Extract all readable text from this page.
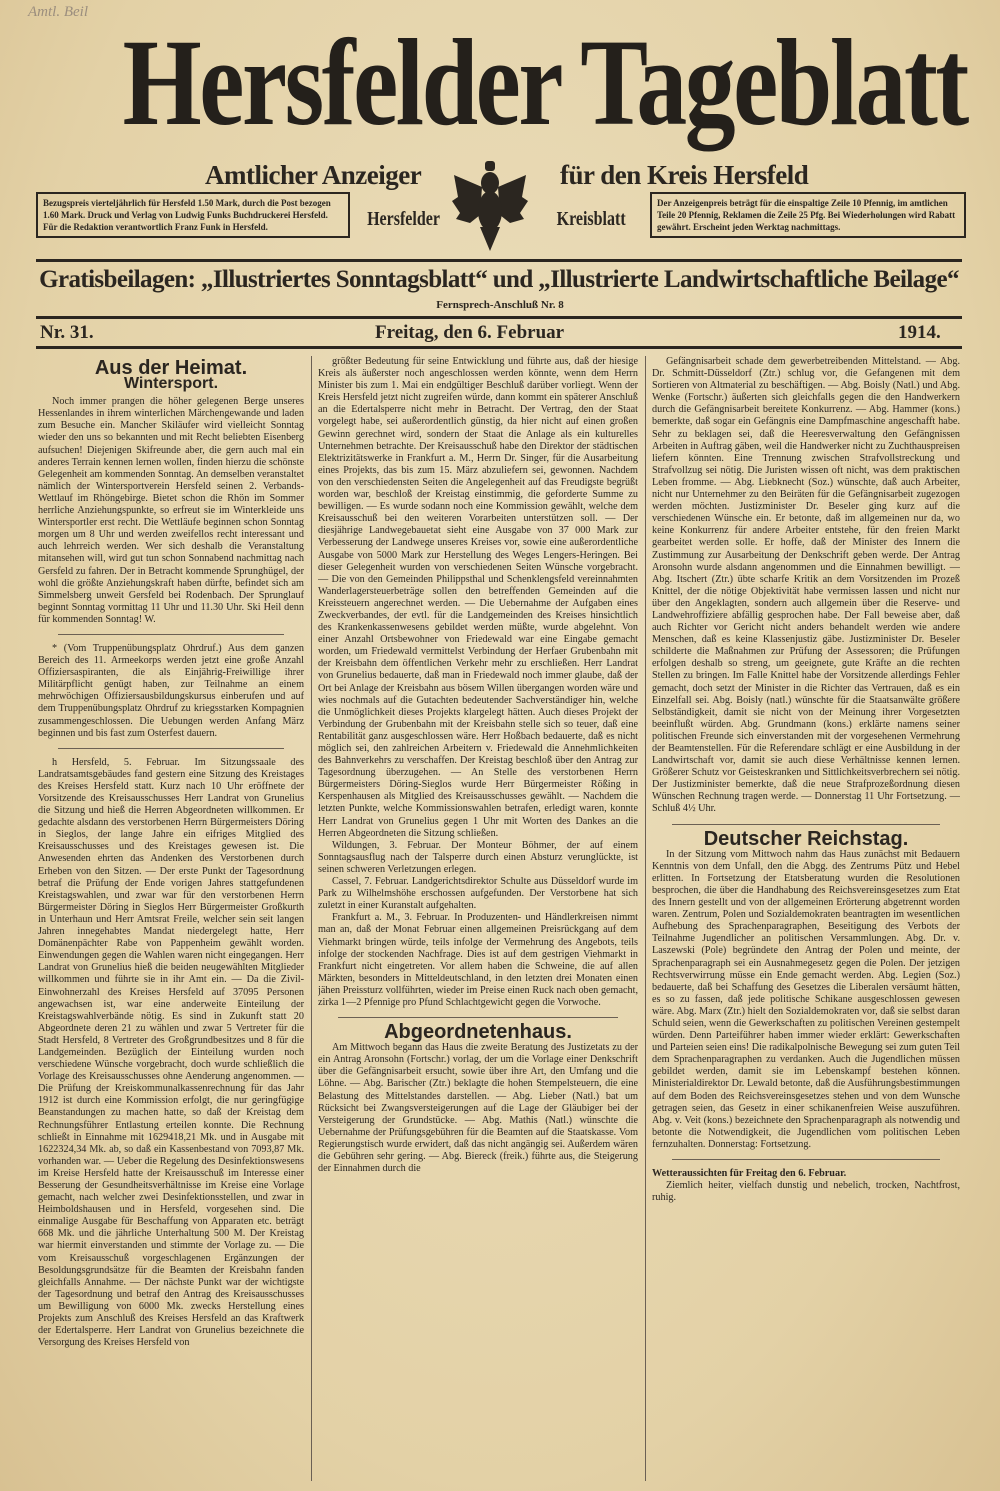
Amtl. Beil
Hersfelder Tageblatt
Amtlicher Anzeiger	für den Kreis Hersfeld
Bezugspreis vierteljährlich für Hersfeld 1.50 Mark, durch die Post bezogen 1.60 Mark. Druck und Verlag von Ludwig Funks Buchdruckerei Hersfeld. Für die Redaktion verantwortlich Franz Funk in Hersfeld.
Der Anzeigenpreis beträgt für die einspaltige Zeile 10 Pfennig, im amtlichen Teile 20 Pfennig, Reklamen die Zeile 25 Pfg. Bei Wiederholungen wird Rabatt gewährt. Erscheint jeden Werktag nachmittags.
Hersfelder	Kreisblatt
Gratisbeilagen: „Illustriertes Sonntagsblatt“ und „Illustrierte Landwirtschaftliche Beilage“
Fernsprech-Anschluß Nr. 8
Nr. 31.	Freitag, den 6. Februar	1914.
Aus der Heimat.
Wintersport.

Noch immer prangen die höher gelegenen Berge unseres Hessenlandes in ihrem winterlichen Märchengewande und laden zum Besuche ein. Mancher Skiläufer wird vielleicht Sonntag wieder den uns so bekannten und mit Recht beliebten Eisenberg aufsuchen! Diejenigen Skifreunde aber, die gern auch mal ein anderes Terrain kennen lernen wollen, finden hierzu die schönste Gelegenheit am kommenden Sonntag. An demselben veranstaltet nämlich der Wintersportverein Hersfeld seinen 2. Verbands-Wettlauf im Rhöngebirge. Bietet schon die Rhön im Sommer herrliche Anziehungspunkte, so erfreut sie im Winterkleide uns Wintersportler erst recht. Die Wettläufe beginnen schon Sonntag morgen um 8 Uhr und werden zweifellos recht interessant und auch lehrreich werden. Wer sich deshalb die Veranstaltung mitansehen will, wird gut tun schon Sonnabend nachmittag nach Gersfeld zu fahren. Der in Betracht kommende Sprunghügel, der wohl die größte Anziehungskraft haben dürfte, befindet sich am Simmelsberg unweit Gersfeld bei Rodenbach. Der Sprunglauf beginnt Sonntag vormittag 11 Uhr und 11.30 Uhr. Ski Heil denn für kommenden Sonntag! W.

* (Vom Truppenübungsplatz Ohrdruf.) Aus dem ganzen Bereich des 11. Armeekorps werden jetzt eine große Anzahl Offiziersaspiranten, die als Einjährig-Freiwillige ihrer Militärpflicht genügt haben, zur Teilnahme an einem mehrwöchigen Offiziersausbildungskursus einberufen und auf dem Truppenübungsplatz Ohrdruf zu kriegsstarken Kompagnien zusammengeschlossen. Die Uebungen werden Anfang März beginnen und bis fast zum Osterfest dauern.

h Hersfeld, 5. Februar. Im Sitzungssaale des Landratsamtsgebäudes fand gestern eine Sitzung des Kreistages des Kreises Hersfeld statt. Kurz nach 10 Uhr eröffnete der Vorsitzende des Kreisausschusses Herr Landrat von Grunelius die Sitzung und hieß die Herren Abgeordneten willkommen. Er gedachte alsdann des verstorbenen Herrn Bürgermeisters Döring in Sieglos, der lange Jahre ein eifriges Mitglied des Kreisausschusses und des Kreistages gewesen ist. Die Anwesenden ehrten das Andenken des Verstorbenen durch Erheben von den Sitzen. — Der erste Punkt der Tagesordnung betraf die Prüfung der Ende vorigen Jahres stattgefundenen Kreistagswahlen, und zwar war für den verstorbenen Herrn Bürgermeister Döring in Sieglos Herr Bürgermeister Großkurth in Unterhaun und Herr Amtsrat Freile, welcher sein seit langen Jahren innegehabtes Mandat niedergelegt hatte, Herr Domänenpächter Rabe von Pappenheim gewählt worden. Einwendungen gegen die Wahlen waren nicht eingegangen. Herr Landrat von Grunelius hieß die beiden neugewählten Mitglieder willkommen und führte sie in ihr Amt ein. — Da die Zivil-Einwohnerzahl des Kreises Hersfeld auf 37095 Personen angewachsen ist, war eine anderweite Einteilung der Kreistagswahlverbände nötig. Es sind in Zukunft statt 20 Abgeordnete deren 21 zu wählen und zwar 5 Vertreter für die Stadt Hersfeld, 8 Vertreter des Großgrundbesitzes und 8 für die Landgemeinden. Bezüglich der Einteilung wurden noch verschiedene Wünsche vorgebracht, doch wurde schließlich die Vorlage des Kreisausschusses ohne Aenderung angenommen. — Die Prüfung der Kreiskommunalkassenrechnung für das Jahr 1912 ist durch eine Kommission erfolgt, die nur geringfügige Beanstandungen zu machen hatte, so daß der Kreistag dem Rechnungsführer Entlastung erteilen konnte. Die Rechnung schließt in Einnahme mit 1629418,21 Mk. und in Ausgabe mit 1622324,34 Mk. ab, so daß ein Kassenbestand von 7093,87 Mk. vorhanden war. — Ueber die Regelung des Desinfektionswesens im Kreise Hersfeld hatte der Kreisausschuß im Interesse einer Besserung der Gesundheitsverhältnisse im Kreise eine Vorlage gemacht, nach welcher zwei Desinfektionsstellen, und zwar in Heimboldshausen und in Hersfeld, vorgesehen sind. Die einmalige Ausgabe für Beschaffung von Apparaten etc. beträgt 668 Mk. und die jährliche Unterhaltung 500 M. Der Kreistag war hiermit einverstanden und stimmte der Vorlage zu. — Die vom Kreisausschuß vorgeschlagenen Ergänzungen der Besoldungsgrundsätze für die Beamten der Kreisbahn fanden gleichfalls Annahme. — Der nächste Punkt war der wichtigste der Tagesordnung und betraf den Antrag des Kreisausschusses um Bewilligung von 6000 Mk. zwecks Herstellung eines Projekts zum Anschluß des Kreises Hersfeld an das Kraftwerk der Edertalsperre. Herr Landrat von Grunelius bezeichnete die Versorgung des Kreises Hersfeld von

größter Bedeutung für seine Entwicklung und führte aus, daß der hiesige Kreis als äußerster noch angeschlossen werden könnte, wenn dem Herrn Minister bis zum 1. Mai ein endgültiger Beschluß darüber vorliegt. Wenn der Kreis Hersfeld jetzt nicht zugreifen würde, dann kommt ein späterer Anschluß an die Edertalsperre nicht mehr in Betracht. Der Vertrag, den der Staat vorgelegt habe, sei außerordentlich günstig, da hier nicht auf einen großen Gewinn gerechnet wird, sondern der Staat die Anlage als ein kulturelles Unternehmen betrachte. Der Kreisausschuß habe den Direktor der städtischen Elektrizitätswerke in Frankfurt a. M., Herrn Dr. Singer, für die Ausarbeitung eines Projekts, das bis zum 15. März abzuliefern sei, gewonnen. Nachdem von den verschiedensten Seiten die Angelegenheit auf das Freudigste begrüßt worden war, beschloß der Kreistag einstimmig, die geforderte Summe zu bewilligen. — Es wurde sodann noch eine Kommission gewählt, welche dem Kreisausschuß bei den weiteren Vorarbeiten unterstützen soll. — Der diesjährige Landwegebauetat sieht eine Ausgabe von 37 000 Mark zur Verbesserung der Landwege unseres Kreises vor, sowie eine außerordentliche Ausgabe von 5000 Mark zur Herstellung des Weges Lengers-Heringen. Bei dieser Gelegenheit wurden von verschiedenen Seiten Wünsche vorgebracht. — Die von den Gemeinden Philippsthal und Schenklengsfeld vereinnahmten Wanderlagersteuerbeträge sollen den betreffenden Gemeinden auf die Kreissteuern angerechnet werden. — Die Uebernahme der Aufgaben eines Zweckverbandes, der evtl. für die Landgemeinden des Kreises hinsichtlich des Krankenkassenwesens gebildet werden müßte, wurde abgelehnt. Von einer Anzahl Ortsbewohner von Friedewald war eine Eingabe gemacht worden, um Friedewald vermittelst Verbindung der Herfaer Grubenbahn mit der Kreisbahn dem öffentlichen Verkehr mehr zu erschließen. Herr Landrat von Grunelius bedauerte, daß man in Friedewald noch immer glaube, daß der Ort bei Anlage der Kreisbahn aus bösem Willen übergangen worden wäre und wies nochmals auf die Gutachten bedeutender Sachverständiger hin, welche die Unmöglichkeit dieses Projekts klargelegt hätten. Auch dieses Projekt der Verbindung der Grubenbahn mit der Kreisbahn stelle sich so teuer, daß eine Rentabilität ganz ausgeschlossen wäre. Herr Hoßbach bedauerte, daß es nicht möglich sei, den zahlreichen Arbeitern v. Friedewald die Annehmlichkeiten des Bahnverkehrs zu verschaffen. Der Kreistag beschloß über den Antrag zur Tagesordnung überzugehen. — An Stelle des verstorbenen Herrn Bürgermeisters Döring-Sieglos wurde Herr Bürgermeister Rößing in Kerspenhausen als Mitglied des Kreisausschusses gewählt. — Nachdem die letzten Punkte, welche Kommissionswahlen betrafen, erledigt waren, konnte Herr Landrat von Grunelius gegen 1 Uhr mit Worten des Dankes an die Herren Abgeordneten die Sitzung schließen.

Wildungen, 3. Februar. Der Monteur Böhmer, der auf einem Sonntagsausflug nach der Talsperre durch einen Absturz verunglückte, ist seinen schweren Verletzungen erlegen.

Cassel, 7. Februar. Landgerichtsdirektor Schulte aus Düsseldorf wurde im Park zu Wilhelmshöhe erschossen aufgefunden. Der Verstorbene hat sich zuletzt in einer Kuranstalt aufgehalten.

Frankfurt a. M., 3. Februar. In Produzenten- und Händlerkreisen nimmt man an, daß der Monat Februar einen allgemeinen Preisrückgang auf dem Viehmarkt bringen würde, teils infolge der Vermehrung des Angebots, teils infolge der stockenden Nachfrage. Dies ist auf dem gestrigen Viehmarkt in Frankfurt nicht eingetreten. Vor allem haben die Schweine, die auf allen Märkten, besonders in Mitteldeutschland, in den letzten drei Monaten einen jähen Preissturz vollführten, wieder im Preise einen Ruck nach oben gemacht, zirka 1—2 Pfennige pro Pfund Schlachtgewicht gegen die Vorwoche.

Abgeordnetenhaus.

Am Mittwoch begann das Haus die zweite Beratung des Justizetats zu der ein Antrag Aronsohn (Fortschr.) vorlag, der um die Vorlage einer Denkschrift über die Gefängnisarbeit ersucht, sowie über ihre Art, den Umfang und die Löhne. — Abg. Barischer (Ztr.) beklagte die hohen Stempelsteuern, die eine Belastung des Mittelstandes darstellen. — Abg. Lieber (Natl.) bat um Rücksicht bei Zwangsversteigerungen auf die Lage der Gläubiger bei der Versteigerung der Grundstücke. — Abg. Mathis (Natl.) wünschte die Uebernahme der Prüfungsgebühren für die Beamten auf die Staatskasse. Vom Regierungstisch wurde erwidert, daß das nicht angängig sei. Außerdem wären die Gebühren sehr gering. — Abg. Biereck (freik.) führte aus, die Steigerung der Einnahmen durch die

Gefängnisarbeit schade dem gewerbetreibenden Mittelstand. — Abg. Dr. Schmitt-Düsseldorf (Ztr.) schlug vor, die Gefangenen mit dem Sortieren von Altmaterial zu beschäftigen. — Abg. Boisly (Natl.) und Abg. Wenke (Fortschr.) äußerten sich gleichfalls gegen die den Handwerkern durch die Gefängnisarbeit bereitete Konkurrenz. — Abg. Hammer (kons.) bemerkte, daß sogar ein Gefängnis eine Dampfmaschine angeschafft habe. Sehr zu beklagen sei, daß die Heeresverwaltung den Gefängnissen Arbeiten in Auftrag gäben, weil die Handwerker nicht zu Zuchthauspreisen liefern könnten. Eine Trennung zwischen Strafvollstreckung und Strafvollzug sei nötig. Die Juristen wissen oft nicht, was dem praktischen Leben fromme. — Abg. Liebknecht (Soz.) wünschte, daß auch Arbeiter, nicht nur Unternehmer zu den Beiräten für die Gefängnisarbeit zugezogen werden möchten. Justizminister Dr. Beseler ging kurz auf die verschiedenen Wünsche ein. Er betonte, daß im allgemeinen nur da, wo keine Konkurrenz für andere Arbeiter entstehe, für den freien Markt gearbeitet werden solle. Er hoffe, daß der Minister des Innern die Zustimmung zur Ausarbeitung der Denkschrift geben werde. Der Antrag Aronsohn wurde alsdann angenommen und die Einnahmen bewilligt. — Abg. Itschert (Ztr.) übte scharfe Kritik an dem Vorsitzenden im Prozeß Knittel, der die nötige Objektivität habe vermissen lassen und nicht nur über den Angeklagten, sondern auch allgemein über die Reserve- und Landwehroffiziere abfällig gesprochen habe. Der Fall beweise aber, daß auch Richter vor Gericht nicht anders behandelt werden wie andere Menschen, daß es keine Klassenjustiz gäbe. Justizminister Dr. Beseler schilderte die Maßnahmen zur Prüfung der Assessoren; die Prüfungen erfolgen deshalb so streng, um geeignete, gute Kräfte an die rechten Stellen zu bringen. Im Falle Knittel habe der Vorsitzende allerdings Fehler gemacht, doch setzt der Minister in die Richter das Vertrauen, daß es ein Einzelfall sei. Abg. Boisly (natl.) wünschte für die Staatsanwälte größere Selbständigkeit, damit sie nicht von der Meinung ihrer Vorgesetzten beeinflußt würden. Abg. Grundmann (kons.) erklärte namens seiner politischen Freunde sich einverstanden mit der vorgesehenen Vermehrung der Beamtenstellen. Für die Referendare schlägt er eine Ausbildung in der Landwirtschaft vor, damit sie auch diese Verhältnisse kennen lernen. Größerer Schutz vor Geisteskranken und Sittlichkeitsverbrechern sei nötig. Der Justizminister bemerkte, daß die neue Strafprozeßordnung diesen Wünschen Rechnung tragen werde. — Donnerstag 11 Uhr Fortsetzung. — Schluß 4½ Uhr.

Deutscher Reichstag.

In der Sitzung vom Mittwoch nahm das Haus zunächst mit Bedauern Kenntnis von dem Unfall, den die Abgg. des Zentrums Pütz und Hebel erlitten. In Fortsetzung der Etatsberatung wurden die Resolutionen besprochen, die über die Handhabung des Reichsvereinsgesetzes zum Etat des Innern gestellt und von der allgemeinen Erörterung abgetrennt worden waren. Zentrum, Polen und Sozialdemokraten beantragten im wesentlichen Aufhebung des Sprachenparagraphen, Beseitigung des Verbots der Teilnahme Jugendlicher an politischen Versammlungen. Abg. Dr. v. Laszewski (Pole) begründete den Antrag der Polen und meinte, der Sprachenparagraph sei ein Ausnahmegesetz gegen die Polen. Der jetzigen Rechtsverwirrung müsse ein Ende gemacht werden. Abg. Legien (Soz.) bedauerte, daß bei Schaffung des Gesetzes die Liberalen versäumt hätten, es so zu fassen, daß jede politische Schikane ausgeschlossen gewesen wäre. Abg. Marx (Ztr.) hielt den Sozialdemokraten vor, daß sie selbst daran Schuld seien, wenn die Gewerkschaften zu politischen Vereinen gestempelt würden. Denn Parteiführer haben immer wieder erklärt: Gewerkschaften und Parteien seien eins! Die radikalpolnische Bewegung sei zum guten Teil dem Sprachenparagraphen zu verdanken. Auch die Jugendlichen müssen gebildet werden, damit sie im Lebenskampf bestehen können. Ministerialdirektor Dr. Lewald betonte, daß die Ausführungsbestimmungen auf dem Boden des Reichsvereinsgesetzes stehen und von dem Wunsche getragen seien, das Gesetz in einer schikanenfreien Weise auszuführen. Abg. v. Veit (kons.) bezeichnete den Sprachenparagraph als notwendig und betonte die Notwendigkeit, die Jugendlichen vom politischen Leben fernzuhalten. Donnerstag: Fortsetzung.

Wetteraussichten für Freitag den 6. Februar.

Ziemlich heiter, vielfach dunstig und nebelich, trocken, Nachtfrost, ruhig.
